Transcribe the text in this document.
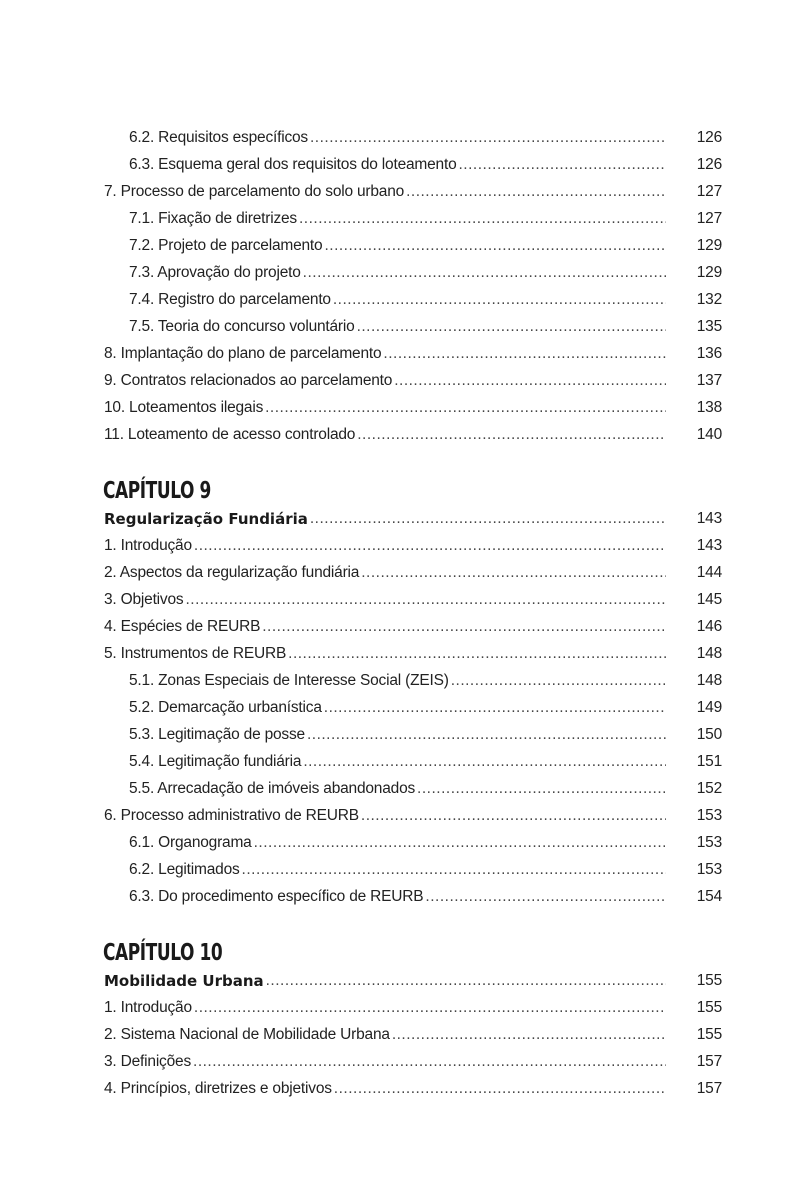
6.2. Requisitos específicos .....	126
6.3. Esquema geral dos requisitos do loteamento .....	126
7. Processo de parcelamento do solo urbano .....	127
7.1. Fixação de diretrizes .....	127
7.2. Projeto de parcelamento .....	129
7.3. Aprovação do projeto .....	129
7.4. Registro do parcelamento .....	132
7.5. Teoria do concurso voluntário .....	135
8. Implantação do plano de parcelamento .....	136
9. Contratos relacionados ao parcelamento .....	137
10. Loteamentos ilegais .....	138
11. Loteamento de acesso controlado .....	140
CAPÍTULO 9
Regularização Fundiária .....	143
1. Introdução .....	143
2. Aspectos da regularização fundiária .....	144
3. Objetivos .....	145
4. Espécies de REURB .....	146
5. Instrumentos de REURB .....	148
5.1. Zonas Especiais de Interesse Social (ZEIS) .....	148
5.2. Demarcação urbanística .....	149
5.3. Legitimação de posse .....	150
5.4. Legitimação fundiária .....	151
5.5. Arrecadação de imóveis abandonados .....	152
6. Processo administrativo de REURB .....	153
6.1. Organograma .....	153
6.2. Legitimados .....	153
6.3. Do procedimento específico de REURB .....	154
CAPÍTULO 10
Mobilidade Urbana .....	155
1. Introdução .....	155
2. Sistema Nacional de Mobilidade Urbana .....	155
3. Definições .....	157
4. Princípios, diretrizes e objetivos .....	157
